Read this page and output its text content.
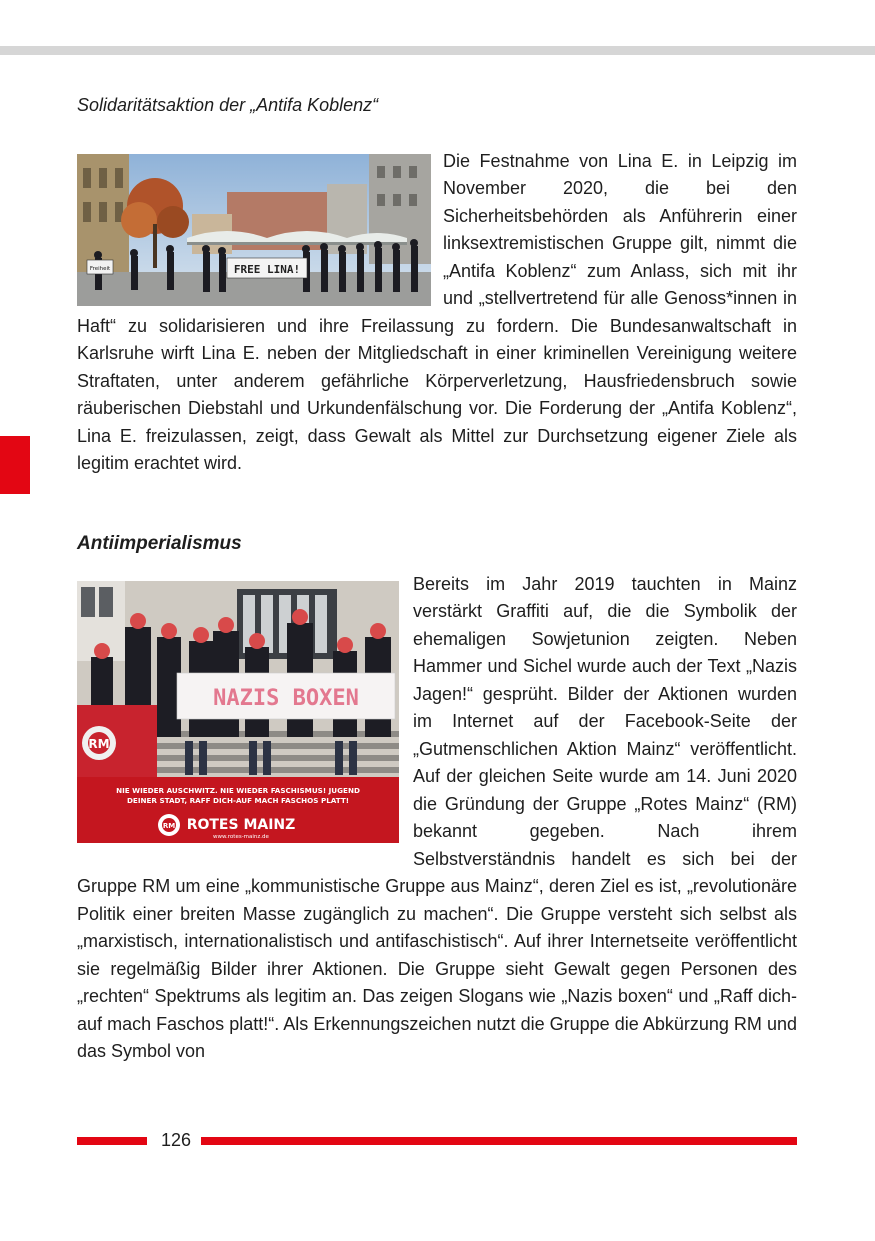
Solidaritätsaktion der „Antifa Koblenz“

Freiheit	FREE LINA!
Die Festnahme von Lina E. in Leipzig im November 2020, die bei den Sicherheitsbehörden als Anführerin einer linksextremistischen Gruppe gilt, nimmt die „Antifa Koblenz“ zum Anlass, sich mit ihr und „stellvertretend für alle Genoss*innen in Haft“ zu solidarisieren und ihre Freilassung zu fordern. Die Bundesanwaltschaft in Karlsruhe wirft Lina E. neben der Mitgliedschaft in einer kriminellen Vereinigung weitere Straftaten, unter anderem gefährliche Körperverletzung, Hausfriedensbruch sowie räuberischen Diebstahl und Urkundenfälschung vor. Die Forderung der „Antifa Koblenz“, Lina E. freizulassen, zeigt, dass Gewalt als Mittel zur Durchsetzung eigener Ziele als legitim erachtet wird.

Antiimperialismus

NAZIS BOXEN
RM
NIE WIEDER AUSCHWITZ. NIE WIEDER FASCHISMUS! JUGEND
DEINER STADT, RAFF DICH-AUF MACH FASCHOS PLATT!
RM ROTES MAINZ
www.rotes-mainz.de
Bereits im Jahr 2019 tauchten in Mainz verstärkt Graffiti auf, die die Symbolik der ehemaligen Sowjetunion zeigten. Neben Hammer und Sichel wurde auch der Text „Nazis Jagen!“ gesprüht. Bilder der Aktionen wurden im Internet auf der Facebook-Seite der „Gutmenschlichen Aktion Mainz“ veröffentlicht. Auf der gleichen Seite wurde am 14. Juni 2020 die Gründung der Gruppe „Rotes Mainz“ (RM) bekannt gegeben. Nach ihrem Selbstverständnis handelt es sich bei der Gruppe RM um eine „kommunistische Gruppe aus Mainz“, deren Ziel es ist, „revolutionäre Politik einer breiten Masse zugänglich zu machen“. Die Gruppe versteht sich selbst als „marxistisch, internationalistisch und antifaschistisch“. Auf ihrer Internetseite veröffentlicht sie regelmäßig Bilder ihrer Aktionen. Die Gruppe sieht Gewalt gegen Personen des „rechten“ Spektrums als legitim an. Das zeigen Slogans wie „Nazis boxen“ und „Raff dich-auf mach Faschos platt!“. Als Erkennungszeichen nutzt die Gruppe die Abkürzung RM und das Symbol von

126
